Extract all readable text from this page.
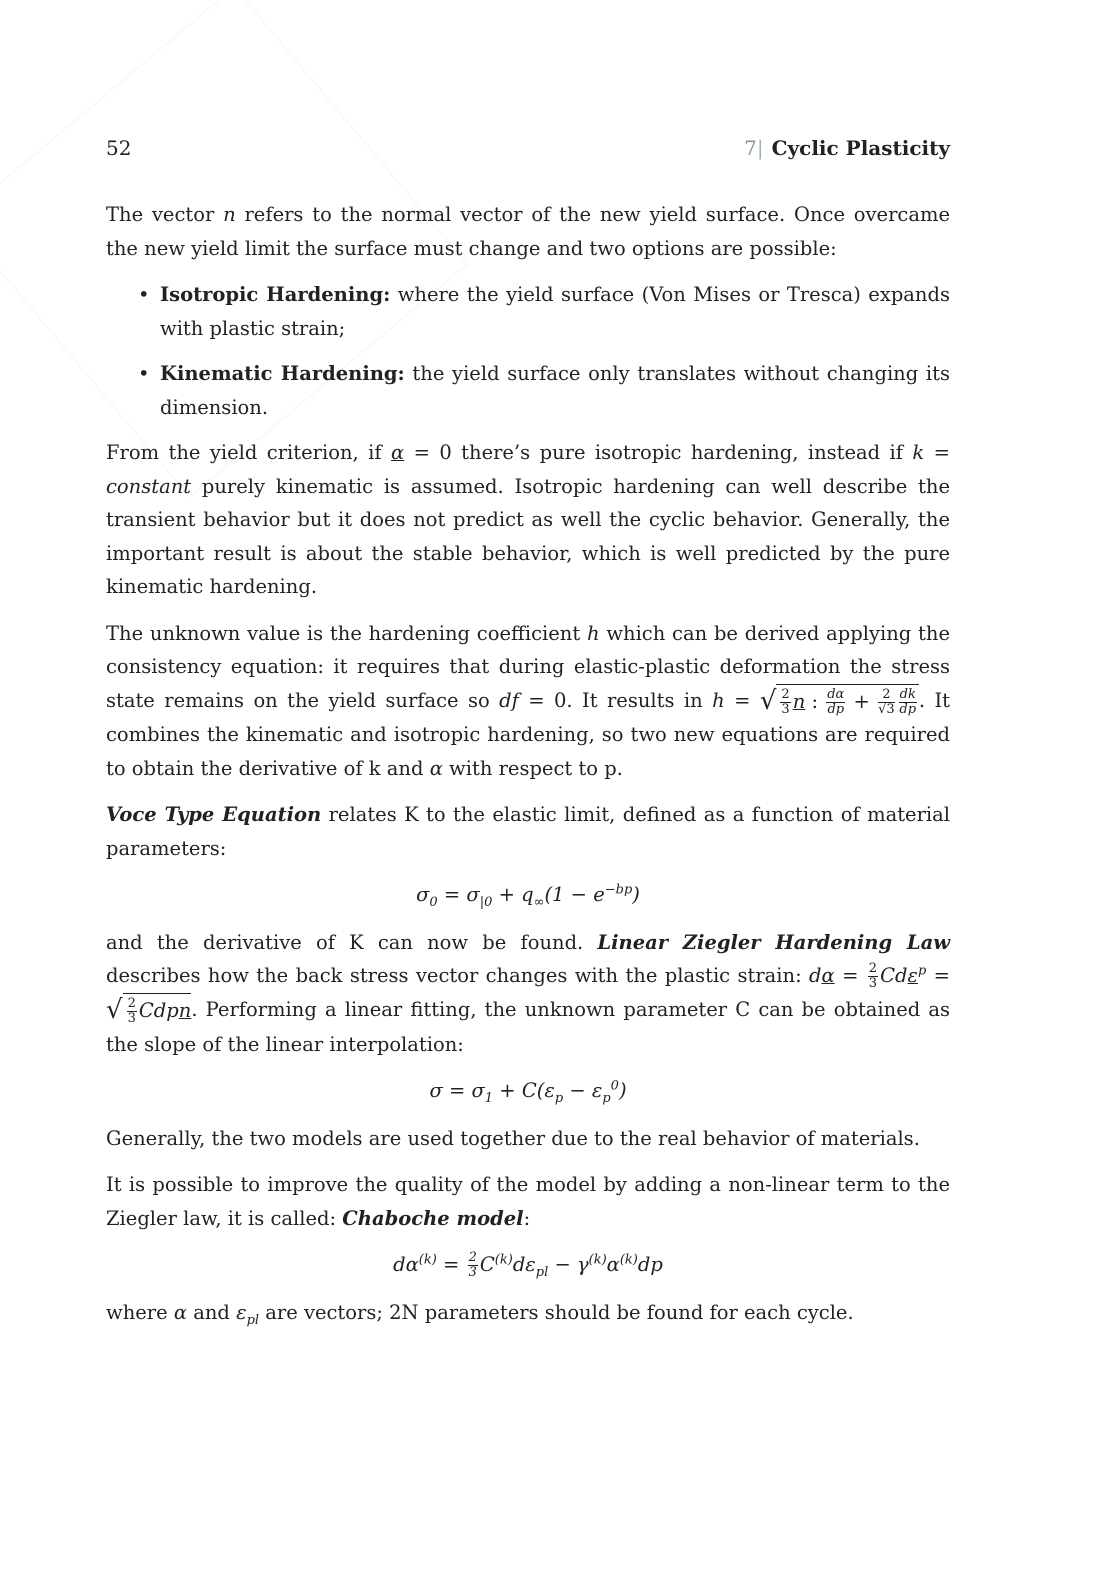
52	7| Cyclic Plasticity

The vector n refers to the normal vector of the new yield surface. Once overcame the new yield limit the surface must change and two options are possible:

• Isotropic Hardening: where the yield surface (Von Mises or Tresca) expands with plastic strain;
• Kinematic Hardening: the yield surface only translates without changing its dimension.

From the yield criterion, if α = 0 there’s pure isotropic hardening, instead if k = constant purely kinematic is assumed. Isotropic hardening can well describe the transient behavior but it does not predict as well the cyclic behavior. Generally, the important result is about the stable behavior, which is well predicted by the pure kinematic hardening.

The unknown value is the hardening coefficient h which can be derived applying the consistency equation: it requires that during elastic-plastic deformation the stress state remains on the yield surface so df = 0. It results in h = √ $\frac{2}{3}$ n : $\frac{d\alpha}{dp} + \frac{2}{√3} \frac{dk}{dp}$ . It combines the kinematic and isotropic hardening, so two new equations are required to obtain the derivative of k and α with respect to p.

Voce Type Equation relates K to the elastic limit, defined as a function of material parameters:

$\sigma_0 = \sigma_{|0} + q_\infty(1 - e^{-bp})$

and the derivative of K can now be found. Linear Ziegler Hardening Law describes how the back stress vector changes with the plastic strain: $d\alpha = \frac{2}{3} Cd\varepsilon^p$ = √ $\frac{2}{3}$ Cdpn. Performing a linear fitting, the unknown parameter C can be obtained as the slope of the linear interpolation:

$\sigma = \sigma_1 + C(\varepsilon_p - \varepsilon_p^0)$

Generally, the two models are used together due to the real behavior of materials.

It is possible to improve the quality of the model by adding a non-linear term to the Ziegler law, it is called: Chaboche model:

$d\alpha^{(k)} = \frac{2}{3} C^{(k)}d\varepsilon_{pl} - \gamma^{(k)}\alpha^{(k)}dp$

where α and $\varepsilon_{pl}$ are vectors; 2N parameters should be found for each cycle.
